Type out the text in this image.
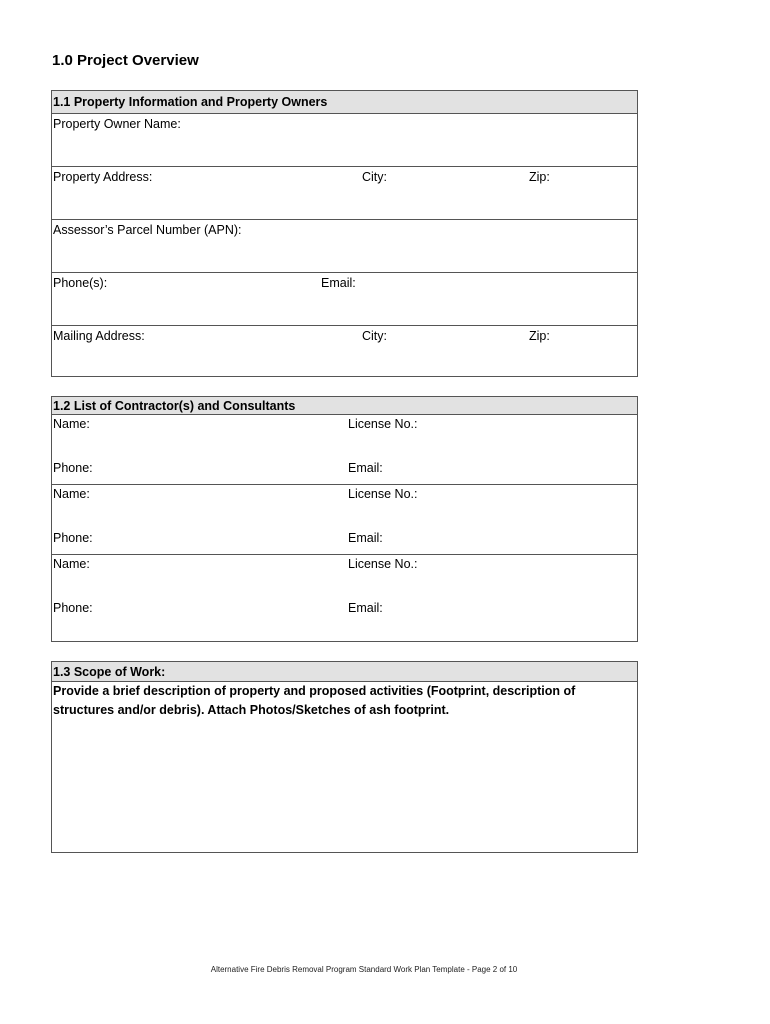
1.0 Project Overview
1.1 Property Information and Property Owners
Property Owner Name:
Property Address:	City:	Zip:
Assessor’s Parcel Number (APN):
Phone(s):	Email:
Mailing Address:	City:	Zip:
1.2 List of Contractor(s) and Consultants
Name:	License No.:
Phone:	Email:
Name:	License No.:
Phone:	Email:
Name:	License No.:
Phone:	Email:
1.3 Scope of Work:

Provide a brief description of property and proposed activities (Footprint, description of structures and/or debris). Attach Photos/Sketches of ash footprint.

Alternative Fire Debris Removal Program Standard Work Plan Template - Page 2 of 10
